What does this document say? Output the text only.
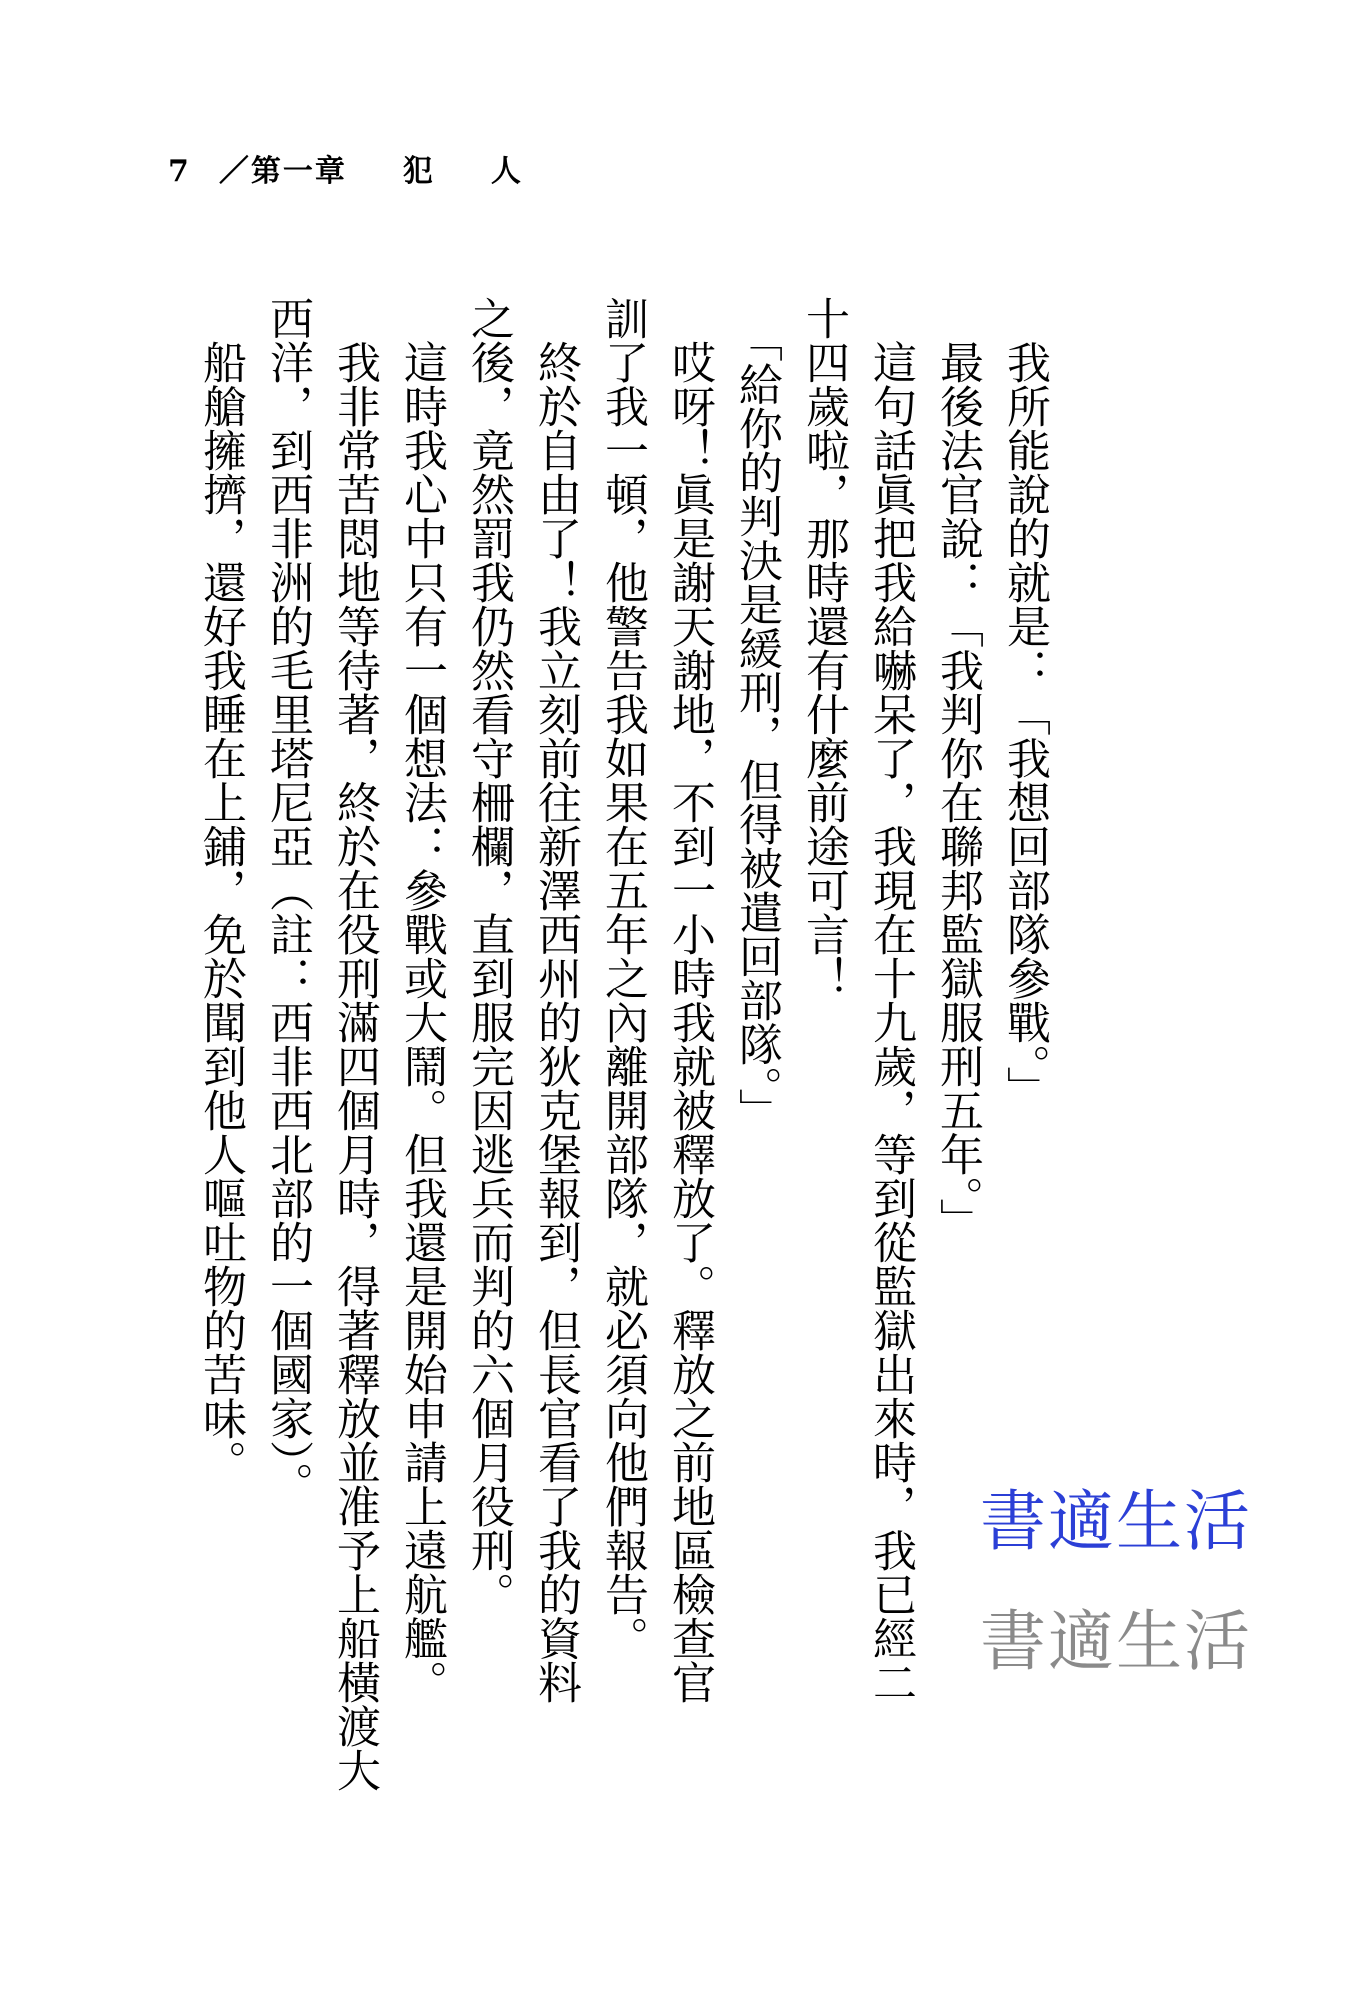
7 ／第一章 犯 人
　我所能說的就是：「我想回部隊參戰。」
　最後法官說：「我判你在聯邦監獄服刑五年。」
　這句話眞把我給嚇呆了，我現在十九歲，等到從監獄出來時，我已經二
十四歲啦，那時還有什麼前途可言！
　「給你的判決是緩刑，但得被遣回部隊。」
　哎呀！眞是謝天謝地，不到一小時我就被釋放了。釋放之前地區檢查官
訓了我一頓，他警告我如果在五年之內離開部隊，就必須向他們報告。
　終於自由了！我立刻前往新澤西州的狄克堡報到，但長官看了我的資料
之後，竟然罰我仍然看守柵欄，直到服完因逃兵而判的六個月役刑。
　這時我心中只有一個想法：參戰或大鬧。但我還是開始申請上遠航艦。
　我非常苦悶地等待著，終於在役刑滿四個月時，得著釋放並准予上船橫渡大
西洋，到西非洲的毛里塔尼亞（註：西非西北部的一個國家）。
　船艙擁擠，還好我睡在上鋪，免於聞到他人嘔吐物的苦味。
書適生活
書適生活
